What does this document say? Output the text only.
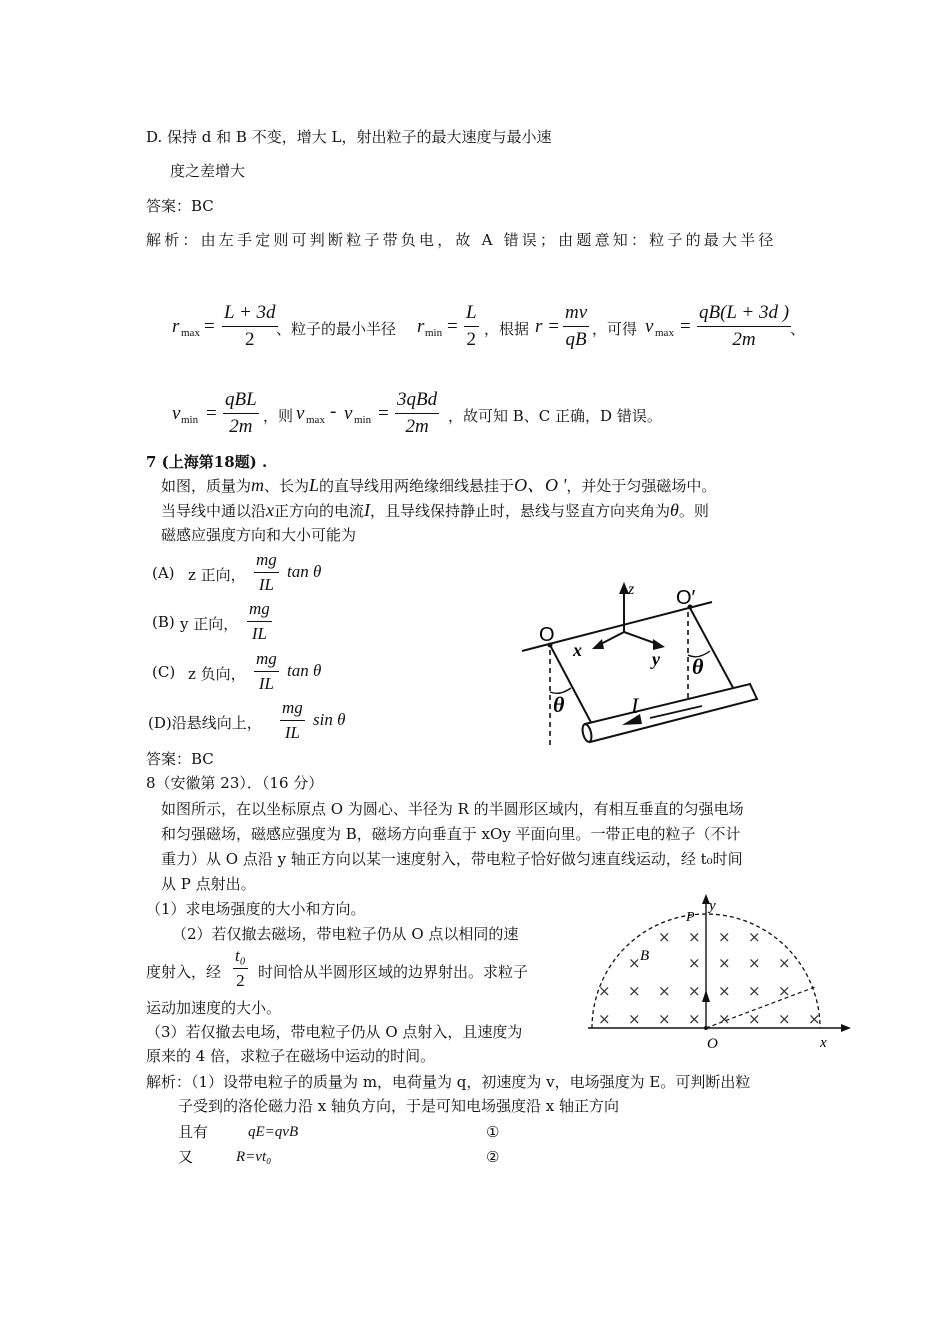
D. 保持 d 和 B 不变，增大 L，射出粒子的最大速度与最小速
度之差增大
答案：BC
解析：由左手定则可判断粒子带负电，故 A 错误；由题意知：粒子的最大半径
r $\max = \frac{L + 3d}{2}$
、粒子的最小半径 r $\min = \frac{L}{2}$ ，根据 $r = \frac{mv}{qB}$ ，可得 v $\max = \frac{qB(L + 3d )}{2m}$
、
v min =
qBL
2m ，则 v max - v min =
3qBd
2m	，故可知 B、C 正确，D 错误。
7 (上海第18题) .
如图，质量为m、长为L的直导线用两绝缘细线悬挂于O、O '，并处于匀强磁场中。
当导线中通以沿x正方向的电流I，且导线保持静止时，悬线与竖直方向夹角为θ。则
磁感应强度方向和大小可能为
(A) z 正向， $\frac{mg}{IL}$ tan θ
(B) y 正向， $\frac{mg}{IL}$
(C) z 负向， $\frac{mg}{IL}$ tan θ
(D)沿悬线向上， $\frac{mg}{IL}$ sin θ
答案：BC
O
O′
z
x	y
θ
θ
I
8（安徽第 23）．（16 分）
如图所示，在以坐标原点 O 为圆心、半径为 R 的半圆形区域内，有相互垂直的匀强电场
和匀强磁场，磁感应强度为 B，磁场方向垂直于 xOy 平面向里。一带正电的粒子（不计
重力）从 O 点沿 y 轴正方向以某一速度射入，带电粒子恰好做匀速直线运动，经 t₀时间
从 P 点射出。
（1）求电场强度的大小和方向。
（2）若仅撤去磁场，带电粒子仍从 O 点以相同的速
度射入，经 $\frac{\text{t₀}}{2}$ 时间恰从半圆形区域的边界射出。求粒子
运动加速度的大小。
（3）若仅撤去电场，带电粒子仍从 O 点射入，且速度为
原来的 4 倍，求粒子在磁场中运动的时间。
解析：（1）设带电粒子的质量为 m，电荷量为 q，初速度为 v，电场强度为 E。可判断出粒
子受到的洛伦磁力沿 x 轴负方向，于是可知电场强度沿 x 轴正方向
且有	qE=qvB	①
又	R=vt₀	②
× × × ×
×	× × × ×
× × × × × × ×
× × × × × × × ×
P
y
B
O	x
